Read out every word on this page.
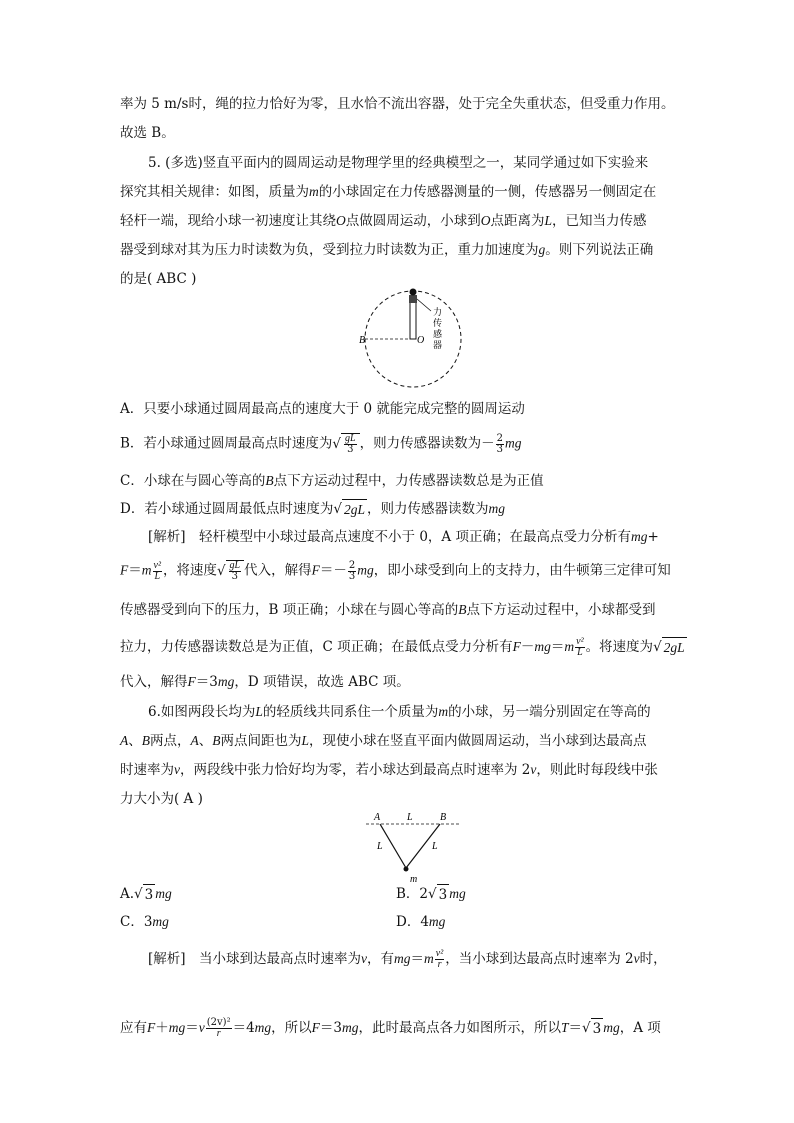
率为 5 m/s时，绳的拉力恰好为零，且水恰不流出容器，处于完全失重状态，但受重力作用。
故选 B。
5. (多选)竖直平面内的圆周运动是物理学里的经典模型之一，某同学通过如下实验来
探究其相关规律：如图，质量为m的小球固定在力传感器测量的一侧，传感器另一侧固定在
轻杆一端，现给小球一初速度让其绕O点做圆周运动，小球到O点距离为L，已知当力传感
器受到球对其为压力时读数为负，受到拉力时读数为正，重力加速度为g。则下列说法正确
的是( ABC )
B	O
力
传
感
器
A．只要小球通过圆周最高点的速度大于 0 就能完成完整的圆周运动
B．若小球通过圆周最高点时速度为√ $\frac{gL}{3}$ ，则力传感器读数为－ $\frac{2}{3}$ mg
C．小球在与圆心等高的B点下方运动过程中，力传感器读数总是为正值
D．若小球通过圆周最低点时速度为√ 2gL ，则力传感器读数为mg
[解析]　轻杆模型中小球过最高点速度不小于 0，A 项正确；在最高点受力分析有mg+
$F=m \frac{\text{v²}}{L}$，将速度√ $\frac{gL}{3}$ 代入，解得$F=- \frac{2}{3}$ mg，即小球受到向上的支持力，由牛顿第三定律可知
传感器受到向下的压力，B 项正确；小球在与圆心等高的B点下方运动过程中，小球都受到
拉力，力传感器读数总是为正值，C 项正确；在最低点受力分析有$F-mg=m \frac{\text{v²}}{L}$。将速度为√ 2gL
代入，解得F＝3mg，D 项错误，故选 ABC 项。
6.如图两段长均为L的轻质线共同系住一个质量为m的小球，另一端分别固定在等高的
A、B两点，A、B两点间距也为L，现使小球在竖直平面内做圆周运动，当小球到达最高点
时速率为v，两段线中张力恰好均为零，若小球达到最高点时速率为 2v，则此时每段线中张
力大小为( A )
A	B
L
L	L
m
A.√ 3 mg	B．2√ 3 mg
C．3mg	D．4mg
[解析]　当小球到达最高点时速率为v，有$mg=m \frac{\text{v²}}{r}$，当小球到达最高点时速率为 2v时，
应有$F+mg=v \frac{\text{(2v)²}}{r}=4mg$，所以F＝3mg，此时最高点各力如图所示，所以T＝√ 3 mg，A 项
